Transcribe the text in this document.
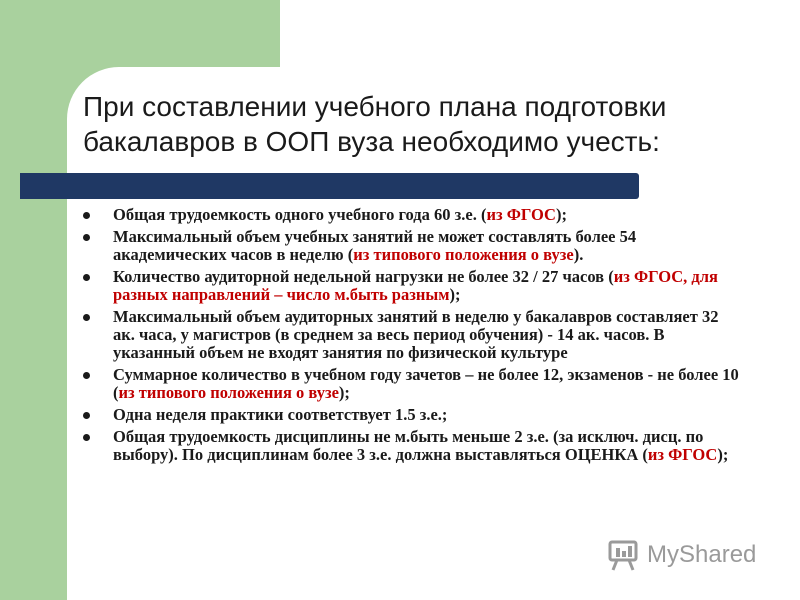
При составлении учебного плана подготовки бакалавров в ООП вуза необходимо учесть:
Общая трудоемкость одного учебного года 60 з.е. (из ФГОС);
Максимальный объем учебных занятий не может составлять более 54 академических часов в неделю (из типового положения о вузе).
Количество аудиторной недельной нагрузки не более 32 / 27 часов (из ФГОС, для разных направлений – число м.быть разным);
Максимальный объем аудиторных занятий в неделю у бакалавров составляет 32 ак. часа, у магистров (в среднем за весь период обучения) - 14 ак. часов. В указанный объем не входят занятия по физической культуре
Суммарное количество в учебном году зачетов – не более 12, экзаменов - не более 10 (из типового положения о вузе);
Одна неделя практики соответствует 1.5 з.е.;
Общая трудоемкость дисциплины не м.быть меньше 2 з.е. (за исключ. дисц. по выбору). По дисциплинам более 3 з.е. должна выставляться ОЦЕНКА (из ФГОС);
MyShared
